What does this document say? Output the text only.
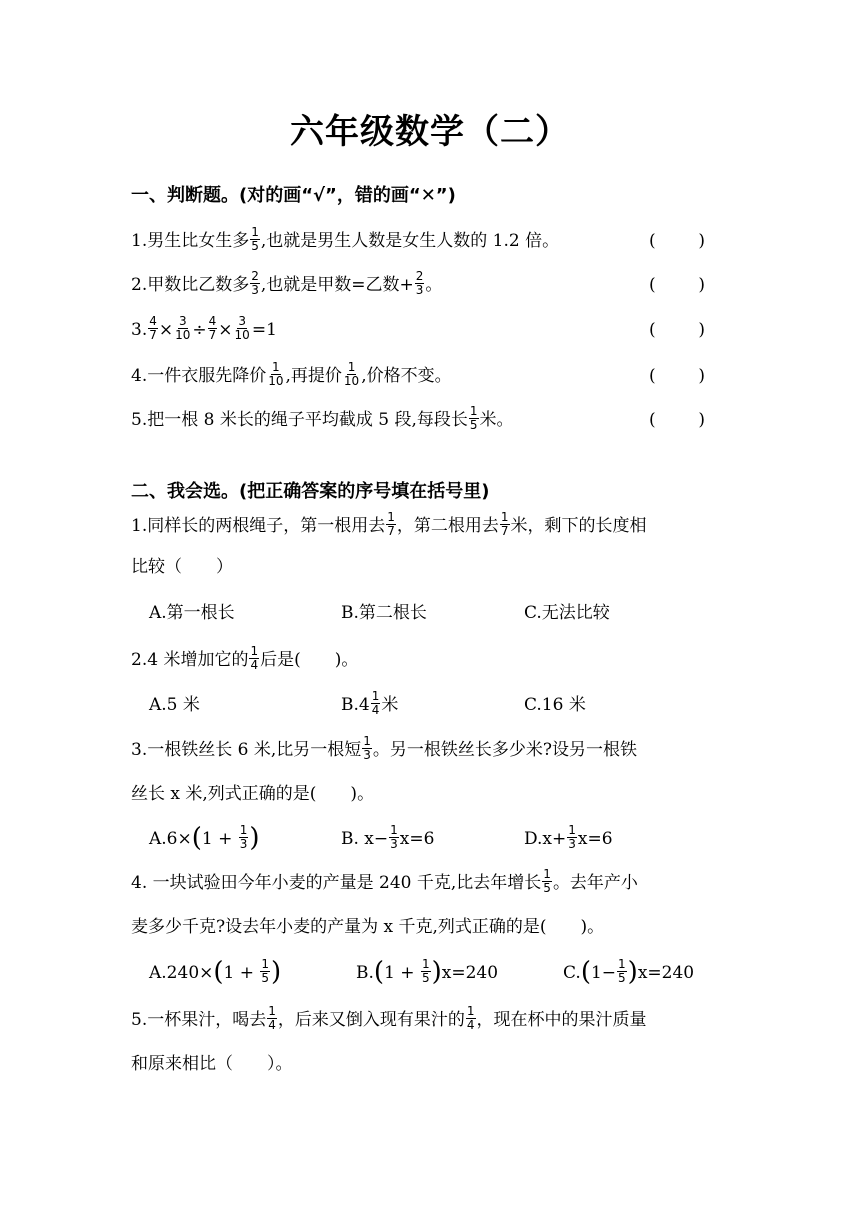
六年级数学（二）
一、判断题。(对的画“√”，错的画“✕”)
1.男生比女生多 $\frac{1}{5}$ ,也就是男生人数是女生人数的 1.2 倍。	(	)
2.甲数比乙数多 $\frac{2}{3}$ ,也就是甲数=乙数+ $\frac{2}{3}$ 。	(	)
3. $\frac{4}{7} \times \frac{3}{10} \div \frac{4}{7} \times \frac{3}{10} =1$	(	)
4.一件衣服先降价 $\frac{1}{10}$ ,再提价 $\frac{1}{10}$ ,价格不变。	(	)
5.把一根 8 米长的绳子平均截成 5 段,每段长 $\frac{1}{5}$ 米。	(	)
二、我会选。(把正确答案的序号填在括号里)
1.同样长的两根绳子，第一根用去 $\frac{1}{7}$ ，第二根用去 $\frac{1}{7}$ 米，剩下的长度相
比较（　　）
A.第一根长	B.第二根长	C.无法比较
2.4 米增加它的 $\frac{1}{4}$ 后是(　　)。
A.5 米	$B.4 \frac{1}{4}$ 米	C.16 米
3.一根铁丝长 6 米,比另一根短 $\frac{1}{3}$ 。另一根铁丝长多少米?设另一根铁
丝长 x 米,列式正确的是(　　)。
$A.6\times(1 + \frac{1}{3}$ )	B. $x- \frac{1}{3} x=6$	$D.x+ \frac{1}{3} x=6$
4. 一块试验田今年小麦的产量是 240 千克,比去年增长 $\frac{1}{5}$ 。去年产小
麦多少千克?设去年小麦的产量为 x 千克,列式正确的是(　　)。
$A.240\times(1 + \frac{1}{5}$ )	$B.(1 + \frac{1}{5} )x=240$	$C.(1- \frac{1}{5} )x=240$
5.一杯果汁，喝去 $\frac{1}{4}$ ，后来又倒入现有果汁的 $\frac{1}{4}$ ，现在杯中的果汁质量
和原来相比（　　）。
